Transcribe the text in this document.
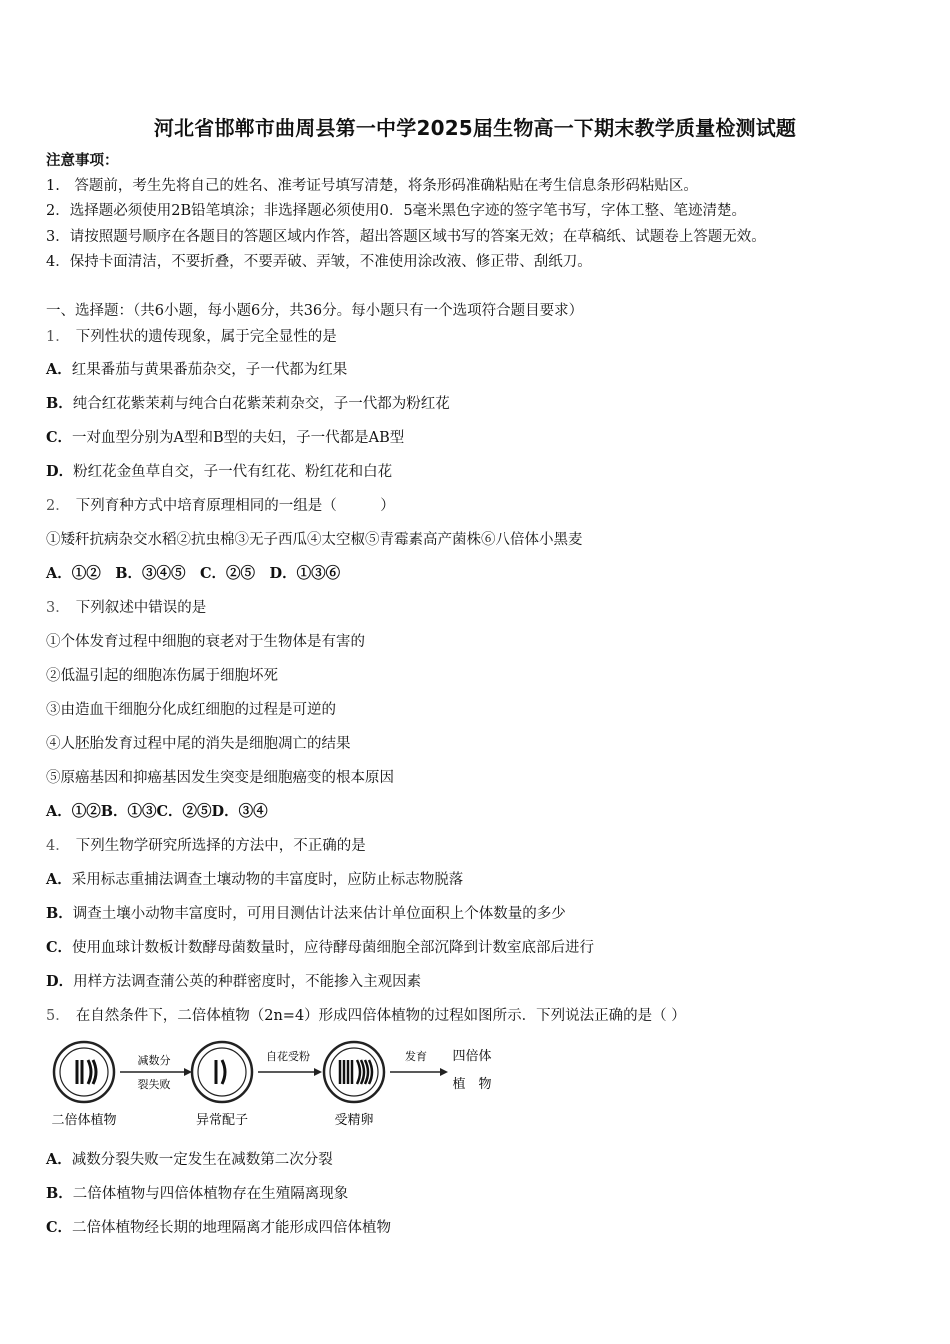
河北省邯郸市曲周县第一中学2025届生物高一下期末教学质量检测试题
注意事项：
1.　答题前，考生先将自己的姓名、准考证号填写清楚，将条形码准确粘贴在考生信息条形码粘贴区。
2．选择题必须使用2B铅笔填涂；非选择题必须使用0．5毫米黑色字迹的签字笔书写，字体工整、笔迹清楚。
3．请按照题号顺序在各题目的答题区域内作答，超出答题区域书写的答案无效；在草稿纸、试题卷上答题无效。
4．保持卡面清洁，不要折叠，不要弄破、弄皱，不准使用涂改液、修正带、刮纸刀。
一、选择题：（共6小题，每小题6分，共36分。每小题只有一个选项符合题目要求）
1． 下列性状的遗传现象，属于完全显性的是
A．红果番茄与黄果番茄杂交，子一代都为红果
B．纯合红花紫茉莉与纯合白花紫茉莉杂交，子一代都为粉红花
C．一对血型分别为A型和B型的夫妇，子一代都是AB型
D．粉红花金鱼草自交，子一代有红花、粉红花和白花
2． 下列育种方式中培育原理相同的一组是（　　　）
①矮秆抗病杂交水稻②抗虫棉③无子西瓜④太空椒⑤青霉素高产菌株⑥八倍体小黑麦
A．①②　B．③④⑤　C．②⑤　D．①③⑥
3． 下列叙述中错误的是
①个体发育过程中细胞的衰老对于生物体是有害的
②低温引起的细胞冻伤属于细胞坏死
③由造血干细胞分化成红细胞的过程是可逆的
④人胚胎发育过程中尾的消失是细胞凋亡的结果
⑤原癌基因和抑癌基因发生突变是细胞癌变的根本原因
A．①②B．①③C．②⑤D．③④
4． 下列生物学研究所选择的方法中，不正确的是
A．采用标志重捕法调查土壤动物的丰富度时，应防止标志物脱落
B．调查土壤小动物丰富度时，可用目测估计法来估计单位面积上个体数量的多少
C．使用血球计数板计数酵母菌数量时，应待酵母菌细胞全部沉降到计数室底部后进行
D．用样方法调查蒲公英的种群密度时，不能掺入主观因素
5． 在自然条件下，二倍体植物（2n=4）形成四倍体植物的过程如图所示．下列说法正确的是（ ）
二倍体植物
减数分
裂失败
异常配子
自花受粉
受精卵
发育 四倍体
植　物
A．减数分裂失败一定发生在减数第二次分裂
B．二倍体植物与四倍体植物存在生殖隔离现象
C．二倍体植物经长期的地理隔离才能形成四倍体植物
